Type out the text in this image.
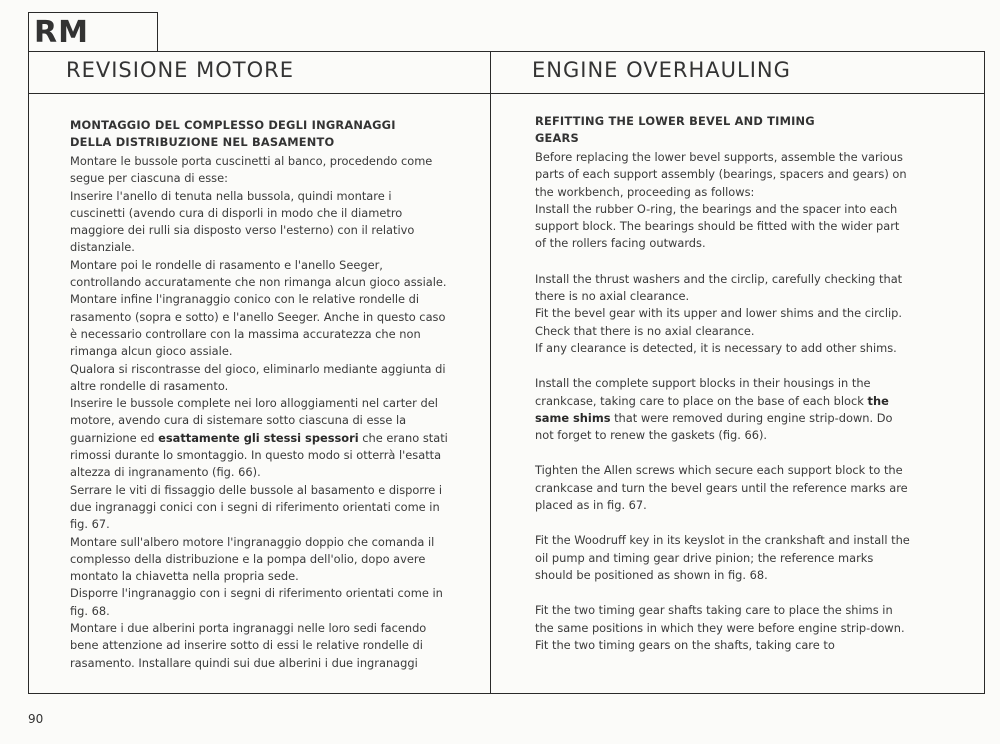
RM
REVISIONE MOTORE	ENGINE OVERHAULING
MONTAGGIO DEL COMPLESSO DEGLI INGRANAGGI DELLA DISTRIBUZIONE NEL BASAMENTO

Montare le bussole porta cuscinetti al banco, procedendo come segue per ciascuna di esse:

Inserire l'anello di tenuta nella bussola, quindi montare i cuscinetti (avendo cura di disporli in modo che il diametro maggiore dei rulli sia disposto verso l'esterno) con il relativo distanziale.

Montare poi le rondelle di rasamento e l'anello Seeger, controllando accuratamente che non rimanga alcun gioco assiale.

Montare infine l'ingranaggio conico con le relative rondelle di rasamento (sopra e sotto) e l'anello Seeger. Anche in questo caso è necessario controllare con la massima accuratezza che non rimanga alcun gioco assiale.

Qualora si riscontrasse del gioco, eliminarlo mediante aggiunta di altre rondelle di rasamento.

Inserire le bussole complete nei loro alloggiamenti nel carter del motore, avendo cura di sistemare sotto ciascuna di esse la guarnizione ed esattamente gli stessi spessori che erano stati rimossi durante lo smontaggio. In questo modo si otterrà l'esatta altezza di ingranamento (fig. 66).

Serrare le viti di fissaggio delle bussole al basamento e disporre i due ingranaggi conici con i segni di riferimento orientati come in fig. 67.

Montare sull'albero motore l'ingranaggio doppio che comanda il complesso della distribuzione e la pompa dell'olio, dopo avere montato la chiavetta nella propria sede.

Disporre l'ingranaggio con i segni di riferimento orientati come in fig. 68.

Montare i due alberini porta ingranaggi nelle loro sedi facendo bene attenzione ad inserire sotto di essi le relative rondelle di rasamento. Installare quindi sui due alberini i due ingranaggi

REFITTING THE LOWER BEVEL AND TIMING GEARS

Before replacing the lower bevel supports, assemble the various parts of each support assembly (bearings, spacers and gears) on the workbench, proceeding as follows:

Install the rubber O-ring, the bearings and the spacer into each support block. The bearings should be fitted with the wider part of the rollers facing outwards.

Install the thrust washers and the circlip, carefully checking that there is no axial clearance.

Fit the bevel gear with its upper and lower shims and the circlip. Check that there is no axial clearance.

If any clearance is detected, it is necessary to add other shims.

Install the complete support blocks in their housings in the crankcase, taking care to place on the base of each block the same shims that were removed during engine strip-down. Do not forget to renew the gaskets (fig. 66).

Tighten the Allen screws which secure each support block to the crankcase and turn the bevel gears until the reference marks are placed as in fig. 67.

Fit the Woodruff key in its keyslot in the crankshaft and install the oil pump and timing gear drive pinion; the reference marks should be positioned as shown in fig. 68.

Fit the two timing gear shafts taking care to place the shims in the same positions in which they were before engine strip-down. Fit the two timing gears on the shafts, taking care to

90
